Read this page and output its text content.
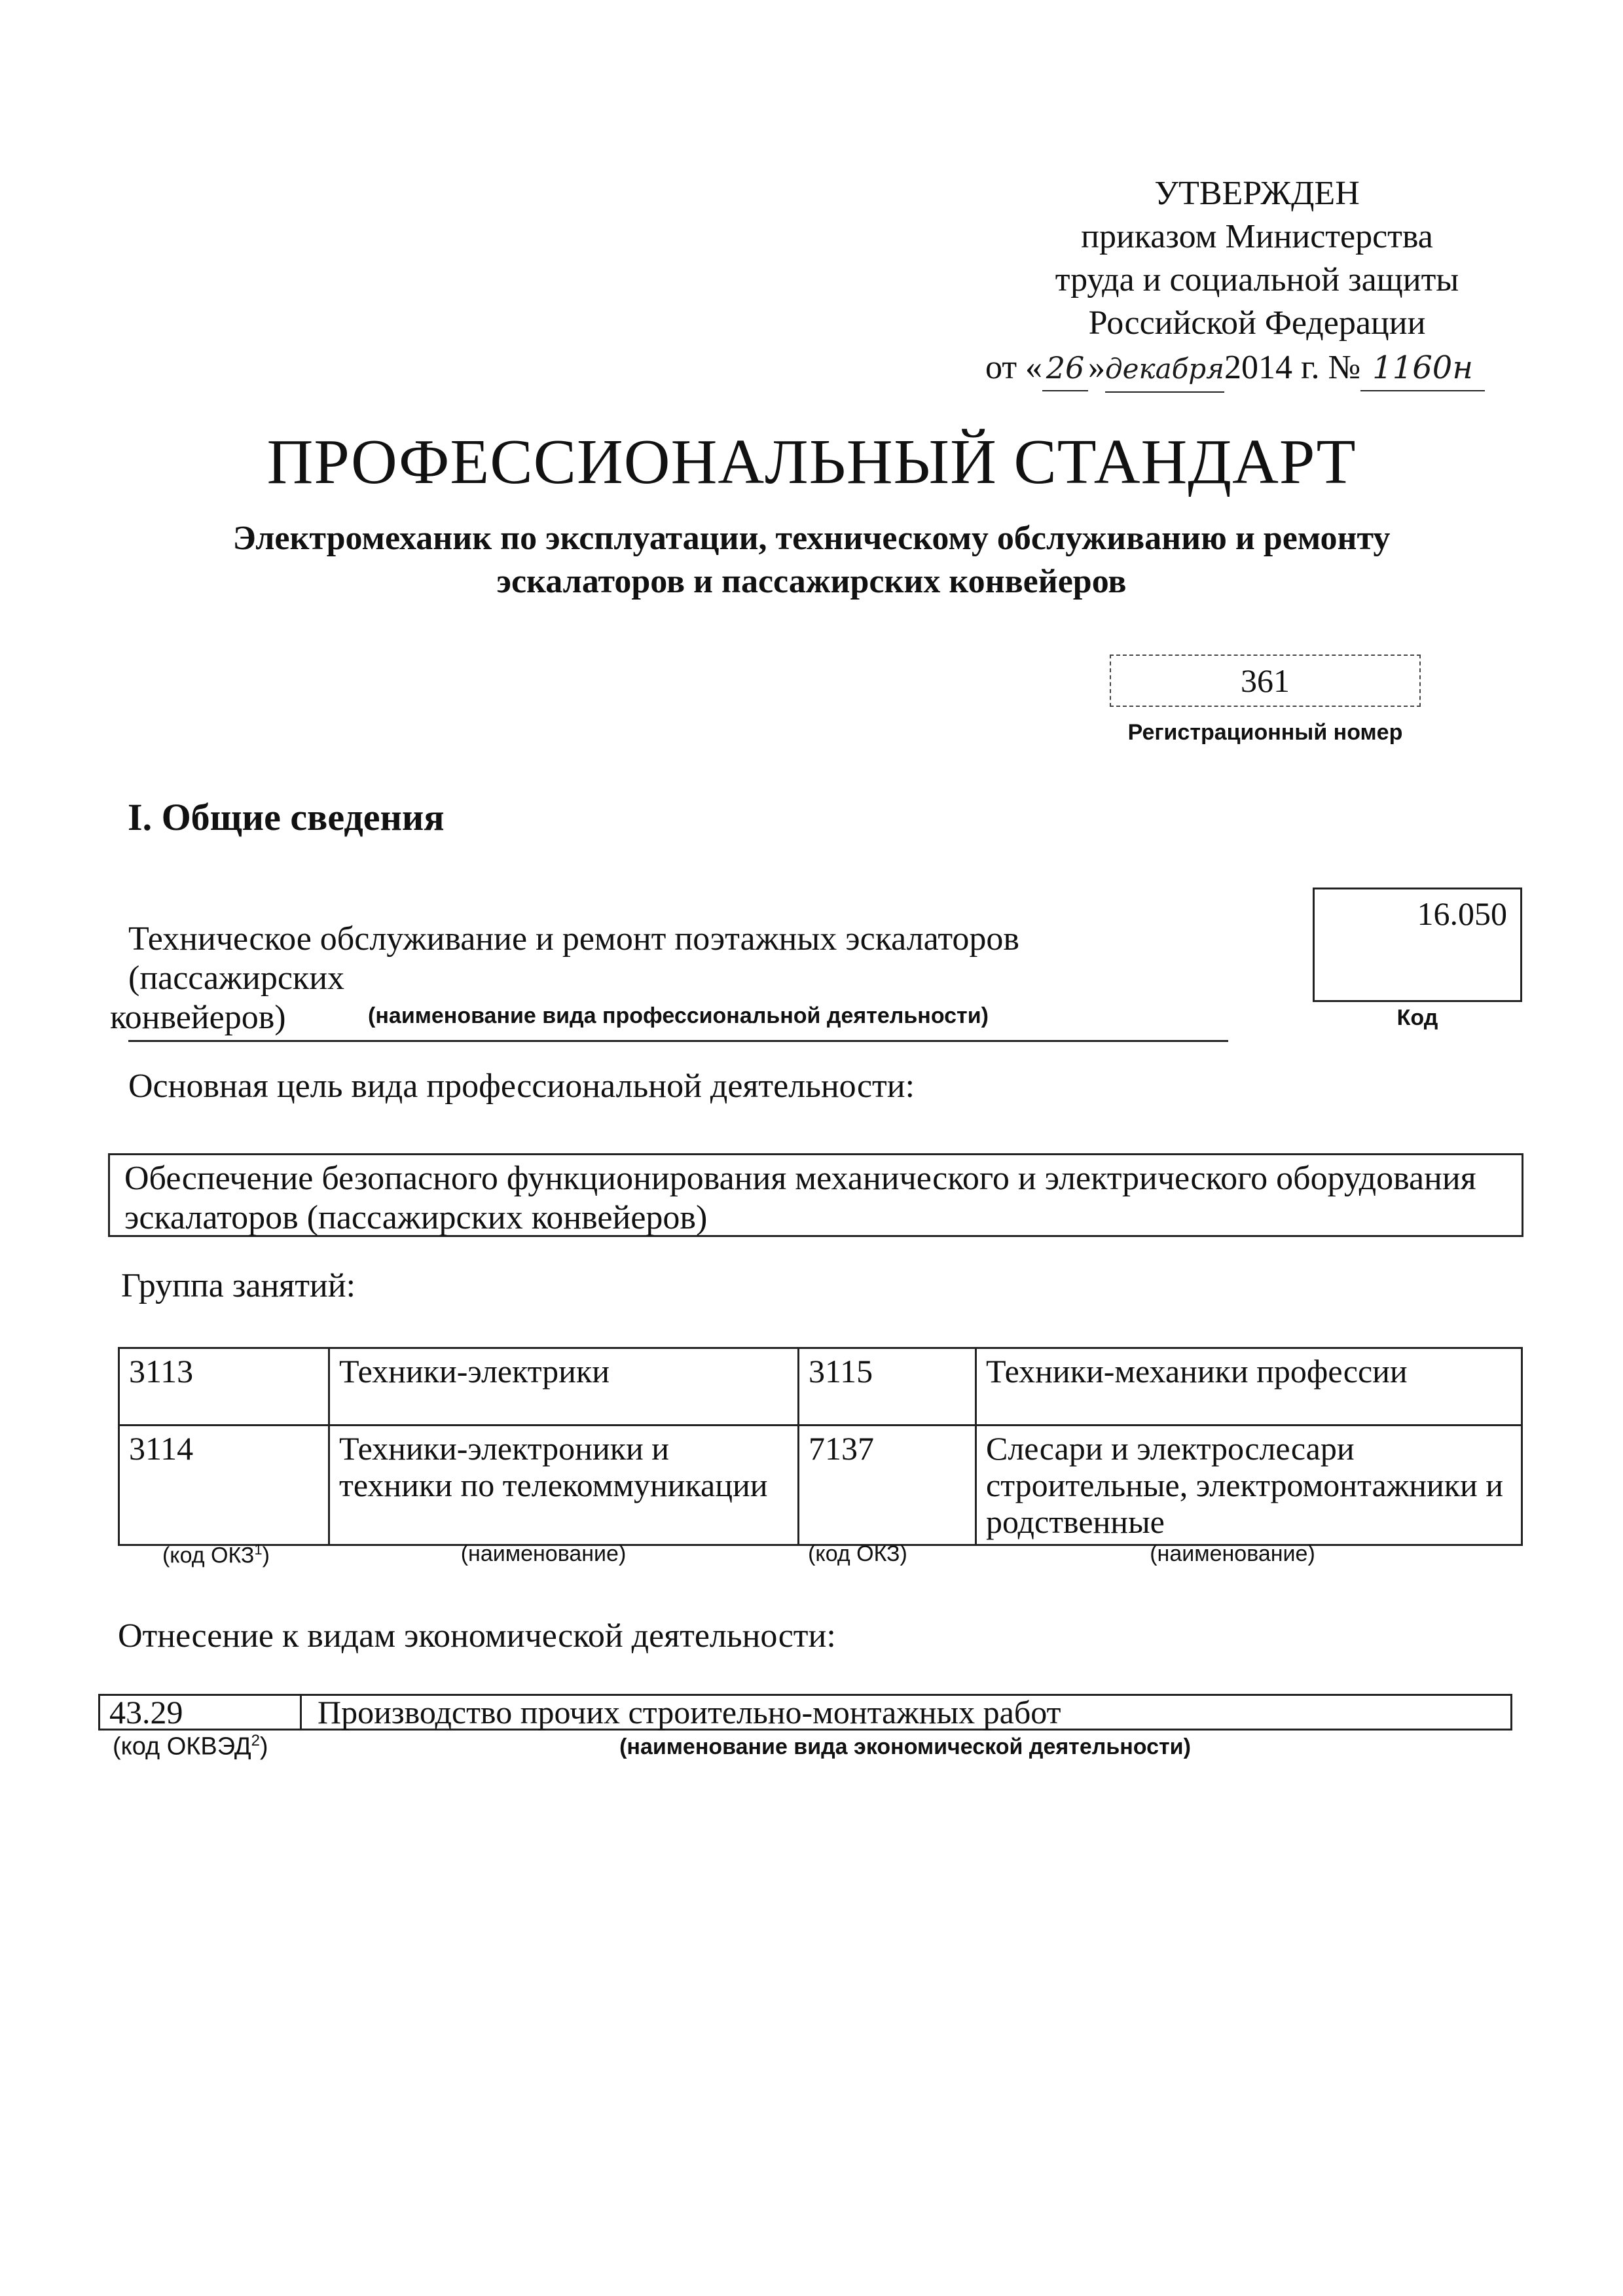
УТВЕРЖДЕН
приказом Министерства
труда и социальной защиты
Российской Федерации
от « 26 »декабря2014 г. № 1160н
ПРОФЕССИОНАЛЬНЫЙ СТАНДАРТ
Электромеханик по эксплуатации, техническому обслуживанию и ремонту
эскалаторов и пассажирских конвейеров
361
Регистрационный номер
I. Общие сведения
Техническое обслуживание и ремонт поэтажных эскалаторов (пассажирских
конвейеров)	(наименование вида профессиональной деятельности)
16.050
Код
Основная цель вида профессиональной деятельности:
Обеспечение безопасного функционирования механического и электрического оборудования
эскалаторов (пассажирских конвейеров)
Группа занятий:
3113	Техники-электрики	3115	Техники-механики профессии
3114	Техники-электроники и техники по телекоммуникации	7137	Слесари и электрослесари строительные, электромонтажники и родственные
(код ОКЗ$^1$)	(наименование)	(код ОКЗ)	(наименование)
Отнесение к видам экономической деятельности:
43.29	Производство прочих строительно-монтажных работ
(код ОКВЭД$^2$)	(наименование вида экономической деятельности)
